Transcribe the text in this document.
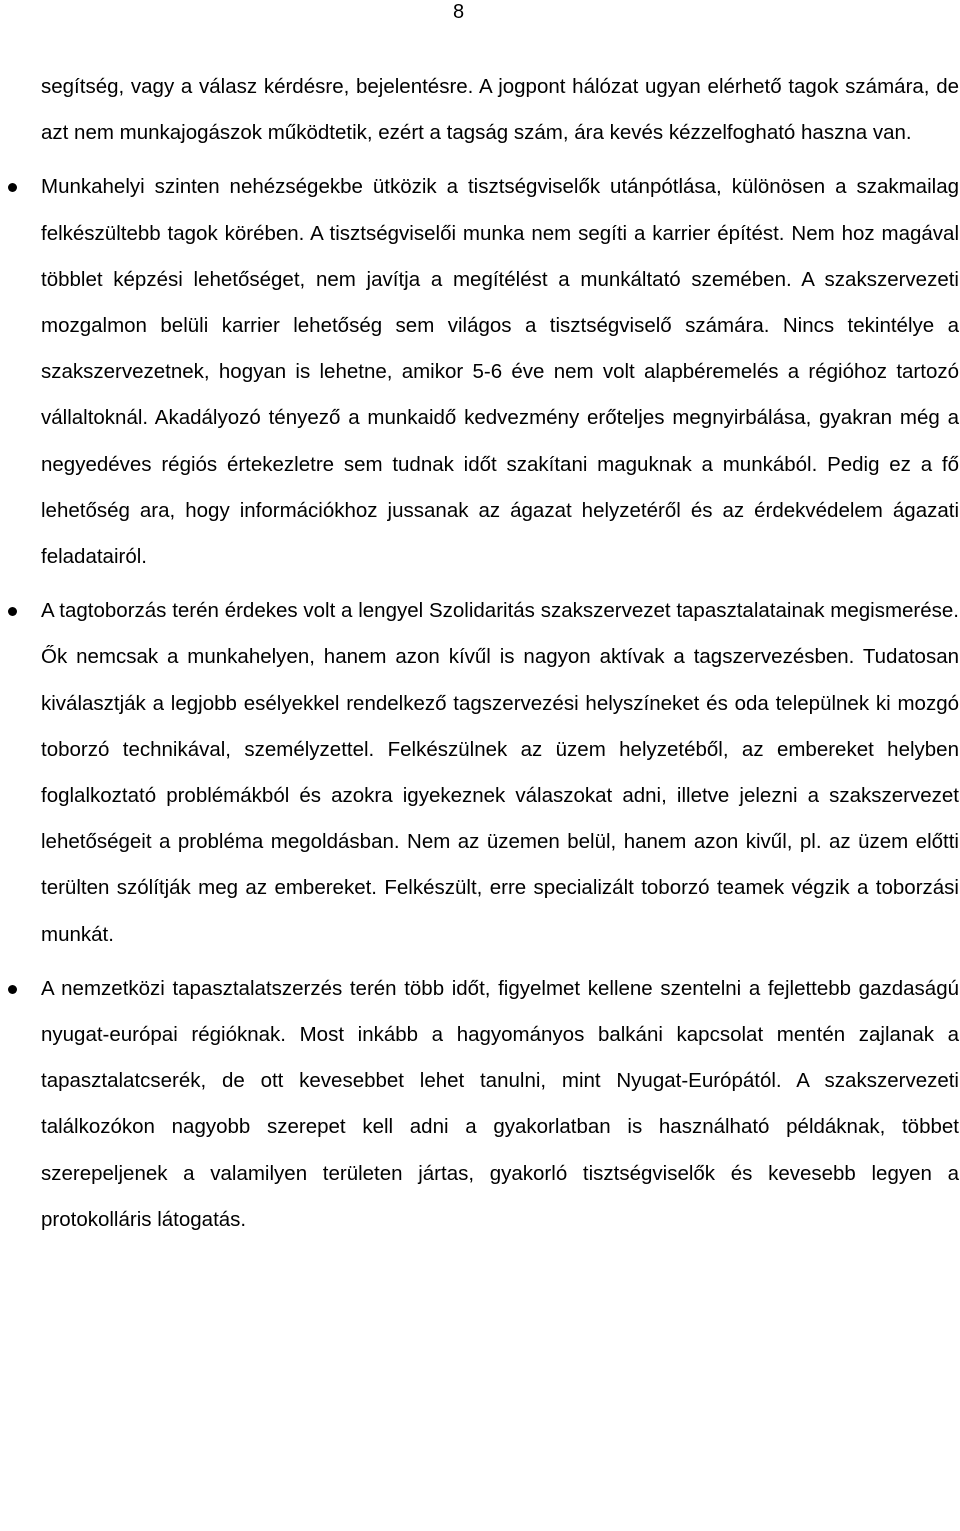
8

segítség, vagy a válasz kérdésre, bejelentésre. A jogpont hálózat ugyan elérhető tagok számára, de azt nem munkajogászok működtetik, ezért a tagság szám, ára kevés kézzelfogható haszna van.

Munkahelyi szinten nehézségekbe ütközik a tisztségviselők utánpótlása, különösen a szakmailag felkészültebb tagok körében. A tisztségviselői munka nem segíti a karrier építést. Nem hoz magával többlet képzési lehetőséget, nem javítja a megítélést a munkáltató szemében. A szakszervezeti mozgalmon belüli karrier lehetőség sem világos a tisztségviselő számára. Nincs tekintélye a szakszervezetnek, hogyan is lehetne, amikor 5-6 éve nem volt alapbéremelés a régióhoz tartozó vállaltoknál. Akadályozó tényező a munkaidő kedvezmény erőteljes megnyirbálása, gyakran még a negyedéves régiós értekezletre sem tudnak időt szakítani maguknak a munkából. Pedig ez a fő lehetőség ara, hogy információkhoz jussanak az ágazat helyzetéről és az érdekvédelem ágazati feladatairól.

A tagtoborzás terén érdekes volt a lengyel Szolidaritás szakszervezet tapasztalatainak megismerése. Ők nemcsak a munkahelyen, hanem azon kívűl is nagyon aktívak a tagszervezésben. Tudatosan kiválasztják a legjobb esélyekkel rendelkező tagszervezési helyszíneket és oda települnek ki mozgó toborzó technikával, személyzettel. Felkészülnek az üzem helyzetéből, az embereket helyben foglalkoztató problémákból és azokra igyekeznek válaszokat adni, illetve jelezni a szakszervezet lehetőségeit a probléma megoldásban. Nem az üzemen belül, hanem azon kivűl, pl. az üzem előtti terülten szólítják meg az embereket. Felkészült, erre specializált toborzó teamek végzik a toborzási munkát.

A nemzetközi tapasztalatszerzés terén több időt, figyelmet kellene szentelni a fejlettebb gazdaságú nyugat-európai régióknak. Most inkább a hagyományos balkáni kapcsolat mentén zajlanak a tapasztalatcserék, de ott kevesebbet lehet tanulni, mint Nyugat-Európától. A szakszervezeti találkozókon nagyobb szerepet kell adni a gyakorlatban is használható példáknak, többet szerepeljenek a valamilyen területen jártas, gyakorló tisztségviselők és kevesebb legyen a protokolláris látogatás.
